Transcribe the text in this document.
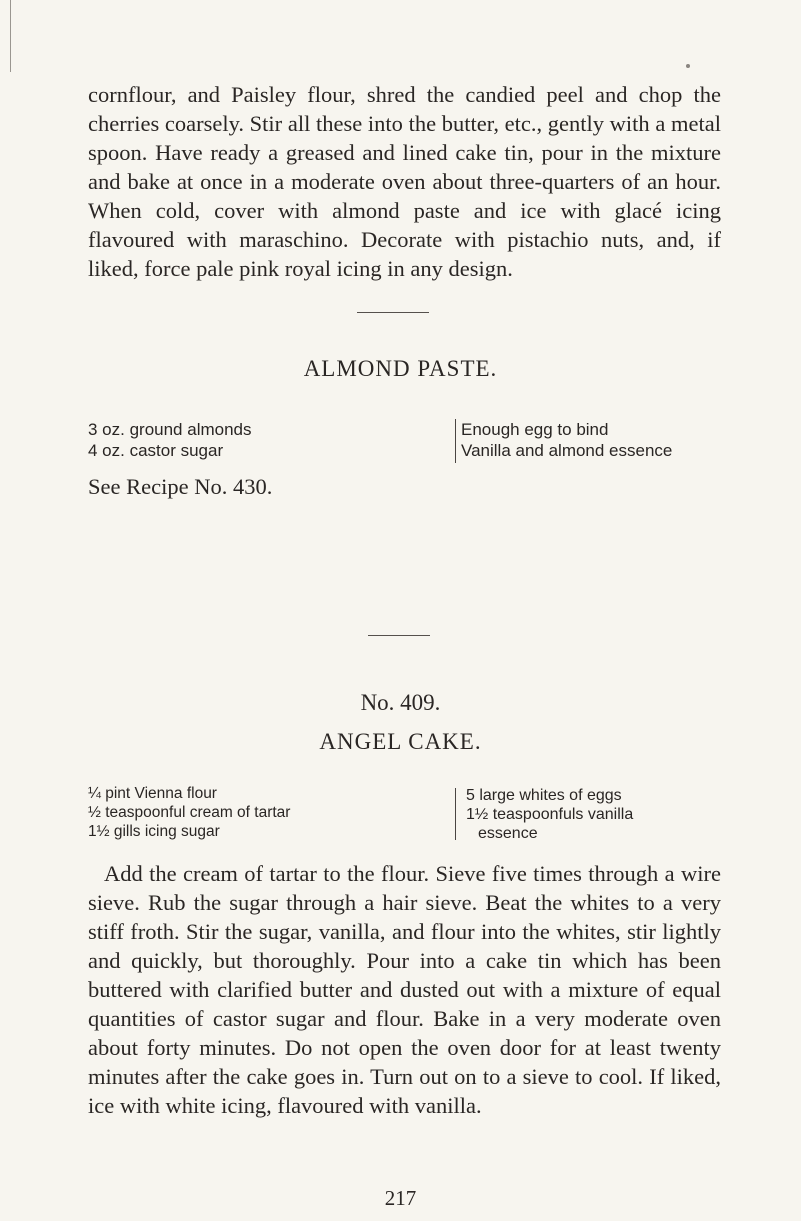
cornflour, and Paisley flour, shred the candied peel and chop the cherries coarsely. Stir all these into the butter, etc., gently with a metal spoon. Have ready a greased and lined cake tin, pour in the mixture and bake at once in a moderate oven about three-quarters of an hour. When cold, cover with almond paste and ice with glacé icing flavoured with maraschino. Decorate with pistachio nuts, and, if liked, force pale pink royal icing in any design.

ALMOND PASTE.
3 oz. ground almonds
4 oz. castor sugar
Enough egg to bind
Vanilla and almond essence

See Recipe No. 430.

No. 409.

ANGEL CAKE.
¼ pint Vienna flour
½ teaspoonful cream of tartar
1½ gills icing sugar
5 large whites of eggs
1½ teaspoonfuls vanilla
essence

Add the cream of tartar to the flour. Sieve five times through a wire sieve. Rub the sugar through a hair sieve. Beat the whites to a very stiff froth. Stir the sugar, vanilla, and flour into the whites, stir lightly and quickly, but thoroughly. Pour into a cake tin which has been buttered with clarified butter and dusted out with a mixture of equal quantities of castor sugar and flour. Bake in a very moderate oven about forty minutes. Do not open the oven door for at least twenty minutes after the cake goes in. Turn out on to a sieve to cool. If liked, ice with white icing, flavoured with vanilla.

217
